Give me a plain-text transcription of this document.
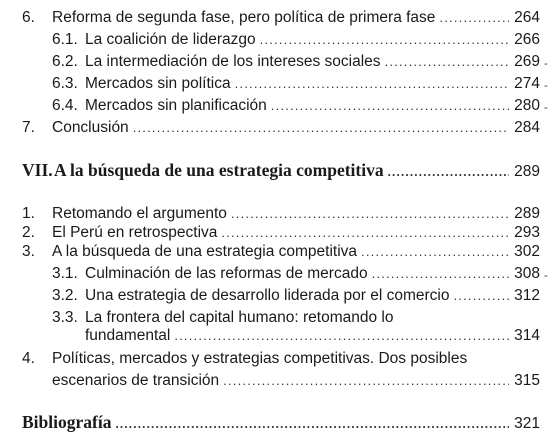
6.	Reforma de segunda fase, pero política de primera fase .....	264
6.1. La coalición de liderazgo .....	266
6.2. La intermediación de los intereses sociales .....	269 -
6.3. Mercados sin política .....	274 -
6.4. Mercados sin planificación .....	280 -
7.	Conclusión .....	284
VII. A la búsqueda de una estrategia competitiva .....	289
1.	Retomando el argumento .....	289
2.	El Perú en retrospectiva .....	293
3.	A la búsqueda de una estrategia competitiva .....	302
3.1. Culminación de las reformas de mercado .....	308 -
3.2. Una estrategia de desarrollo liderada por el comercio .....	312
3.3. La frontera del capital humano: retomando lo
fundamental .....	314
4.	Políticas, mercados y estrategias competitivas. Dos posibles
escenarios de transición .....	315
Bibliografía .....	321
